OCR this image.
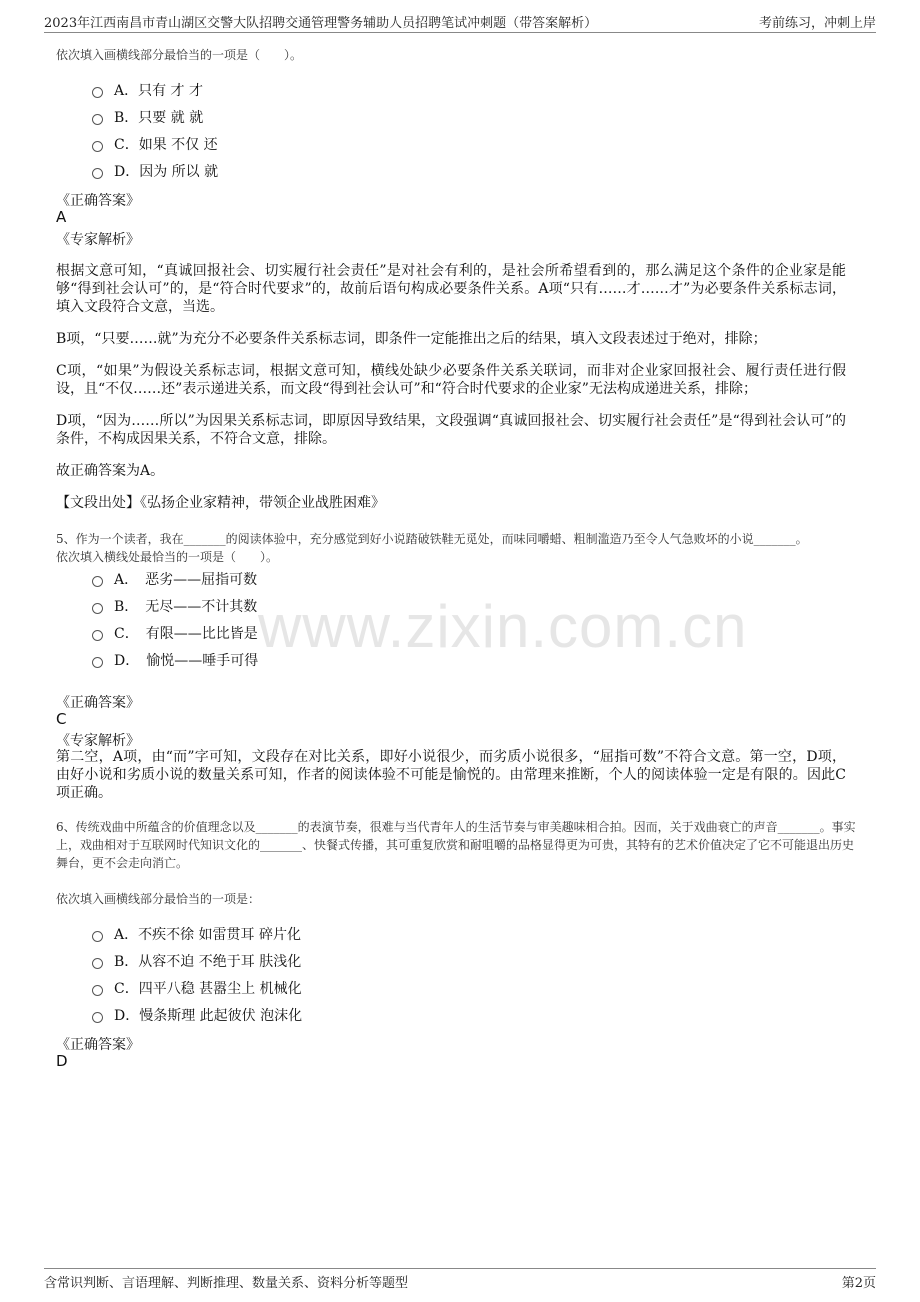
2023年江西南昌市青山湖区交警大队招聘交通管理警务辅助人员招聘笔试冲刺题（带答案解析）	考前练习，冲刺上岸
www.zixin.com.cn
依次填入画横线部分最恰当的一项是（　　）。
A．只有 才 才
B．只要 就 就
C．如果 不仅 还
D．因为 所以 就
《正确答案》
A
《专家解析》
根据文意可知，“真诚回报社会、切实履行社会责任”是对社会有利的，是社会所希望看到的，那么满足这个条件的企业家是能够“得到社会认可”的，是“符合时代要求”的，故前后语句构成必要条件关系。A项“只有……才……才”为必要条件关系标志词，填入文段符合文意，当选。
B项，“只要……就”为充分不必要条件关系标志词，即条件一定能推出之后的结果，填入文段表述过于绝对，排除；
C项，“如果”为假设关系标志词，根据文意可知，横线处缺少必要条件关系关联词，而非对企业家回报社会、履行责任进行假设，且“不仅……还”表示递进关系，而文段“得到社会认可”和“符合时代要求的企业家”无法构成递进关系，排除；
D项，“因为……所以”为因果关系标志词，即原因导致结果，文段强调“真诚回报社会、切实履行社会责任”是“得到社会认可”的条件，不构成因果关系，不符合文意，排除。
故正确答案为A。
【文段出处】《弘扬企业家精神，带领企业战胜困难》
5、作为一个读者，我在_______的阅读体验中，充分感觉到好小说踏破铁鞋无觅处，而味同嚼蜡、粗制滥造乃至令人气急败坏的小说_______。
依次填入横线处最恰当的一项是（　　）。
A．　恶劣——屈指可数
B．　无尽——不计其数
C．　有限——比比皆是
D．　愉悦——唾手可得
《正确答案》
C
《专家解析》
第二空，A项，由“而”字可知，文段存在对比关系，即好小说很少，而劣质小说很多，“屈指可数”不符合文意。第一空，D项，由好小说和劣质小说的数量关系可知，作者的阅读体验不可能是愉悦的。由常理来推断，个人的阅读体验一定是有限的。因此C项正确。
6、传统戏曲中所蕴含的价值理念以及_______的表演节奏，很难与当代青年人的生活节奏与审美趣味相合拍。因而，关于戏曲衰亡的声音_______。事实上，戏曲相对于互联网时代知识文化的_______、快餐式传播，其可重复欣赏和耐咀嚼的品格显得更为可贵，其特有的艺术价值决定了它不可能退出历史舞台，更不会走向消亡。
依次填入画横线部分最恰当的一项是：
A．不疾不徐 如雷贯耳 碎片化
B．从容不迫 不绝于耳 肤浅化
C．四平八稳 甚嚣尘上 机械化
D．慢条斯理 此起彼伏 泡沫化
《正确答案》
D
含常识判断、言语理解、判断推理、数量关系、资料分析等题型	第2页
